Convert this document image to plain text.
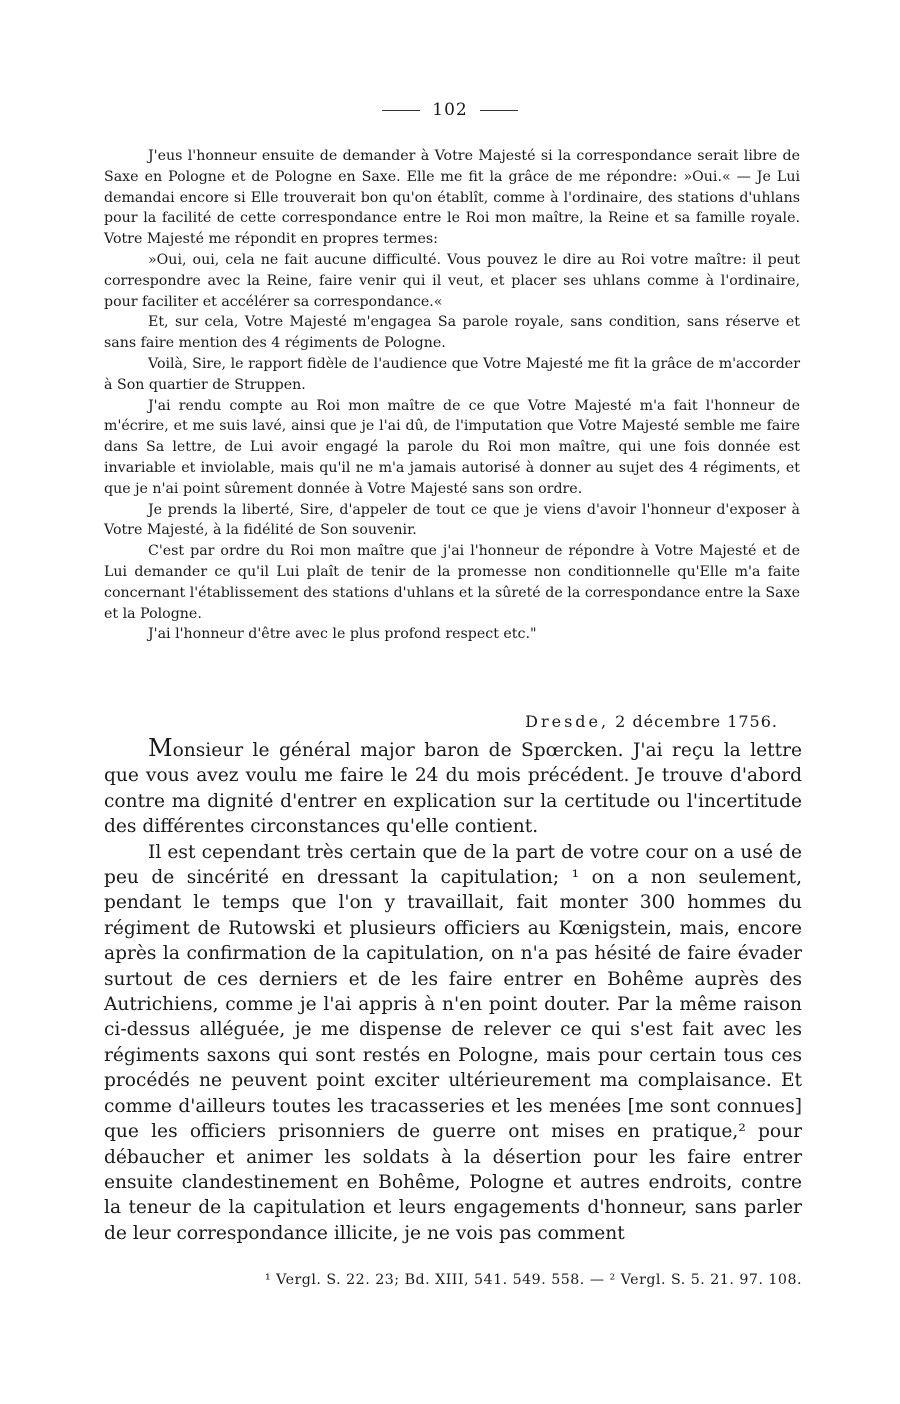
102

J'eus l'honneur ensuite de demander à Votre Majesté si la correspondance serait libre de Saxe en Pologne et de Pologne en Saxe. Elle me fit la grâce de me répondre: »Oui.« — Je Lui demandai encore si Elle trouverait bon qu'on établît, comme à l'ordinaire, des stations d'uhlans pour la facilité de cette correspondance entre le Roi mon maître, la Reine et sa famille royale. Votre Majesté me répondit en propres termes:

»Oui, oui, cela ne fait aucune difficulté. Vous pouvez le dire au Roi votre maître: il peut correspondre avec la Reine, faire venir qui il veut, et placer ses uhlans comme à l'ordinaire, pour faciliter et accélérer sa correspondance.«

Et, sur cela, Votre Majesté m'engagea Sa parole royale, sans condition, sans réserve et sans faire mention des 4 régiments de Pologne.

Voilà, Sire, le rapport fidèle de l'audience que Votre Majesté me fit la grâce de m'accorder à Son quartier de Struppen.

J'ai rendu compte au Roi mon maître de ce que Votre Majesté m'a fait l'honneur de m'écrire, et me suis lavé, ainsi que je l'ai dû, de l'imputation que Votre Majesté semble me faire dans Sa lettre, de Lui avoir engagé la parole du Roi mon maître, qui une fois donnée est invariable et inviolable, mais qu'il ne m'a jamais autorisé à donner au sujet des 4 régiments, et que je n'ai point sûrement donnée à Votre Majesté sans son ordre.

Je prends la liberté, Sire, d'appeler de tout ce que je viens d'avoir l'honneur d'exposer à Votre Majesté, à la fidélité de Son souvenir.

C'est par ordre du Roi mon maître que j'ai l'honneur de répondre à Votre Majesté et de Lui demander ce qu'il Lui plaît de tenir de la promesse non conditionnelle qu'Elle m'a faite concernant l'établissement des stations d'uhlans et la sûreté de la correspondance entre la Saxe et la Pologne.

J'ai l'honneur d'être avec le plus profond respect etc."

Dresde, 2 décembre 1756.

Monsieur le général major baron de Spœrcken. J'ai reçu la lettre que vous avez voulu me faire le 24 du mois précédent. Je trouve d'abord contre ma dignité d'entrer en explication sur la certitude ou l'incertitude des différentes circonstances qu'elle contient.

Il est cependant très certain que de la part de votre cour on a usé de peu de sincérité en dressant la capitulation; ¹ on a non seulement, pendant le temps que l'on y travaillait, fait monter 300 hommes du régiment de Rutowski et plusieurs officiers au Kœnigstein, mais, encore après la confirmation de la capitulation, on n'a pas hésité de faire évader surtout de ces derniers et de les faire entrer en Bohême auprès des Autrichiens, comme je l'ai appris à n'en point douter. Par la même raison ci-dessus alléguée, je me dispense de relever ce qui s'est fait avec les régiments saxons qui sont restés en Pologne, mais pour certain tous ces procédés ne peuvent point exciter ultérieurement ma complaisance. Et comme d'ailleurs toutes les tracasseries et les menées [me sont connues] que les officiers prisonniers de guerre ont mises en pratique,² pour débaucher et animer les soldats à la désertion pour les faire entrer ensuite clandestinement en Bohême, Pologne et autres endroits, contre la teneur de la capitulation et leurs engagements d'honneur, sans parler de leur correspondance illicite, je ne vois pas comment

¹ Vergl. S. 22. 23; Bd. XIII, 541. 549. 558. — ² Vergl. S. 5. 21. 97. 108.
